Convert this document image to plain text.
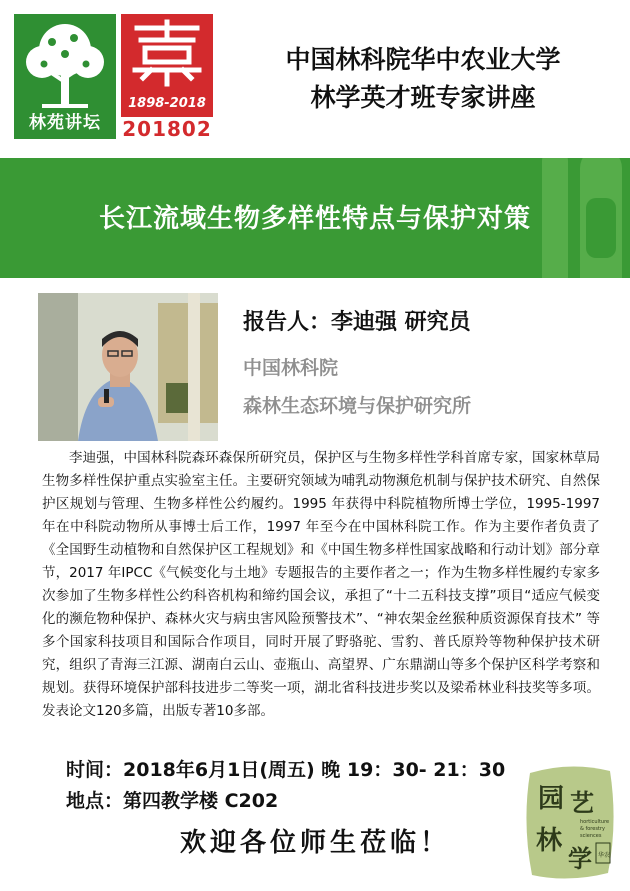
林苑讲坛
1898-2018
201802
中国林科院华中农业大学
林学英才班专家讲座
长江流域生物多样性特点与保护对策
报告人：李迪强 研究员
中国林科院
森林生态环境与保护研究所

李迪强，中国林科院森环森保所研究员，保护区与生物多样性学科首席专家，国家林草局生物多样性保护重点实验室主任。主要研究领域为哺乳动物濒危机制与保护技术研究、自然保护区规划与管理、生物多样性公约履约。1995 年获得中科院植物所博士学位，1995-1997 年在中科院动物所从事博士后工作，1997 年至今在中国林科院工作。作为主要作者负责了《全国野生动植物和自然保护区工程规划》和《中国生物多样性国家战略和行动计划》部分章节，2017 年IPCC《气候变化与土地》专题报告的主要作者之一；作为生物多样性履约专家多次参加了生物多样性公约科咨机构和缔约国会议，承担了“十二五科技支撑”项目“适应气候变化的濒危物种保护、森林火灾与病虫害风险预警技术”、“神农架金丝猴种质资源保育技术” 等多个国家科技项目和国际合作项目，同时开展了野骆驼、雪豹、普氏原羚等物种保护技术研究，组织了青海三江源、湖南白云山、壶瓶山、高望界、广东鼎湖山等多个保护区科学考察和规划。获得环境保护部科技进步二等奖一项，湖北省科技进步奖以及梁希林业科技奖等多项。发表论文120多篇，出版专著10多部。

时间：2018年6月1日(周五) 晚 19：30- 21：30
地点：第四教学楼 C202
欢迎各位师生莅临！
园 艺
林
学
horticulture
& forestry
sciences
华农
